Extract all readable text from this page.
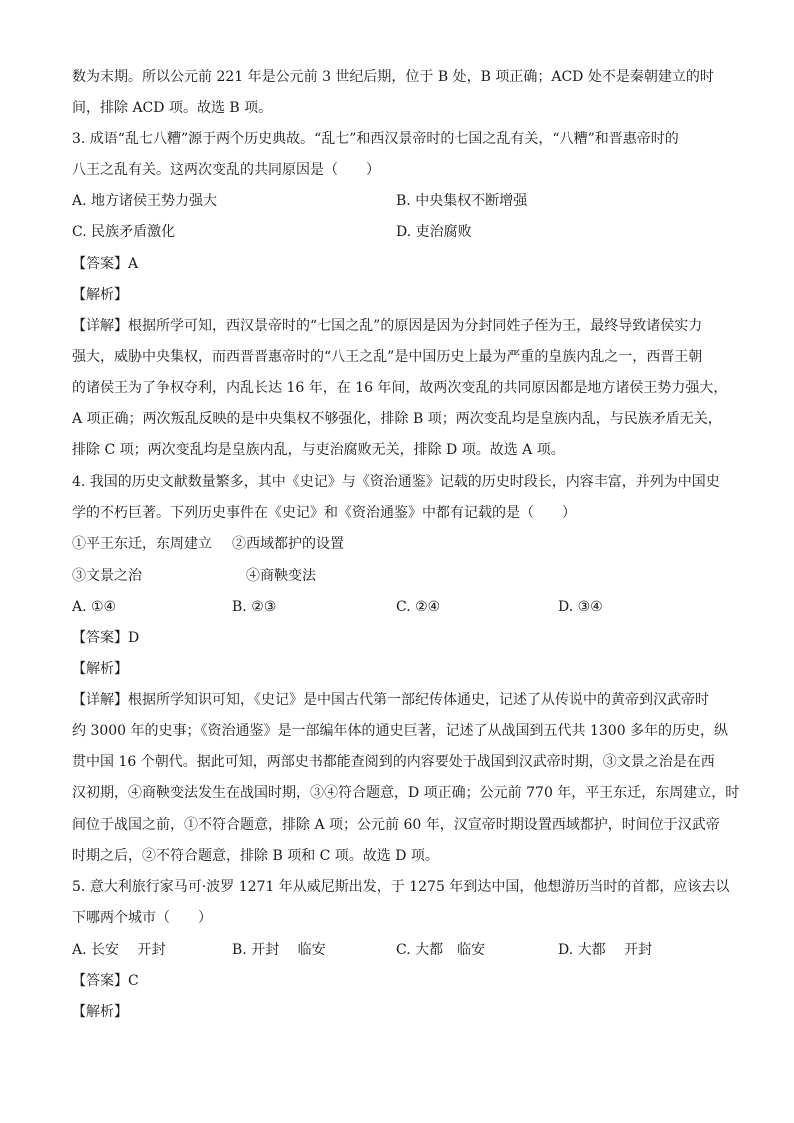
数为末期。所以公元前 221 年是公元前 3 世纪后期，位于 B 处，B 项正确；ACD 处不是秦朝建立的时
间，排除 ACD 项。故选 B 项。
3. 成语“乱七八糟”源于两个历史典故。“乱七”和西汉景帝时的七国之乱有关，“八糟”和晋惠帝时的
八王之乱有关。这两次变乱的共同原因是（　　）
A. 地方诸侯王势力强大	B. 中央集权不断增强
C. 民族矛盾激化	D. 吏治腐败
【答案】A
【解析】
【详解】根据所学可知，西汉景帝时的“七国之乱”的原因是因为分封同姓子侄为王，最终导致诸侯实力
强大，威胁中央集权，而西晋晋惠帝时的“八王之乱”是中国历史上最为严重的皇族内乱之一，西晋王朝
的诸侯王为了争权夺利，内乱长达 16 年，在 16 年间，故两次变乱的共同原因都是地方诸侯王势力强大，
A 项正确；两次叛乱反映的是中央集权不够强化，排除 B 项；两次变乱均是皇族内乱，与民族矛盾无关，
排除 C 项；两次变乱均是皇族内乱，与吏治腐败无关，排除 D 项。故选 A 项。
4. 我国的历史文献数量繁多，其中《史记》与《资治通鉴》记载的历史时段长，内容丰富，并列为中国史
学的不朽巨著。下列历史事件在《史记》和《资治通鉴》中都有记载的是（　　）
①平王东迁，东周建立 ②西域都护的设置
③文景之治	④商鞅变法
A. ①④	B. ②③	C. ②④	D. ③④
【答案】D
【解析】
【详解】根据所学知识可知，《史记》是中国古代第一部纪传体通史，记述了从传说中的黄帝到汉武帝时
约 3000 年的史事；《资治通鉴》是一部编年体的通史巨著，记述了从战国到五代共 1300 多年的历史，纵
贯中国 16 个朝代。据此可知，两部史书都能查阅到的内容要处于战国到汉武帝时期，③文景之治是在西
汉初期，④商鞅变法发生在战国时期，③④符合题意，D 项正确；公元前 770 年，平王东迁，东周建立，时
间位于战国之前，①不符合题意，排除 A 项；公元前 60 年，汉宣帝时期设置西域都护，时间位于汉武帝
时期之后，②不符合题意，排除 B 项和 C 项。故选 D 项。
5. 意大利旅行家马可·波罗 1271 年从威尼斯出发，于 1275 年到达中国，他想游历当时的首都，应该去以
下哪两个城市（　　）
A. 长安　 开封	B. 开封　 临安	C. 大都　临安	D. 大都　 开封
【答案】C
【解析】
